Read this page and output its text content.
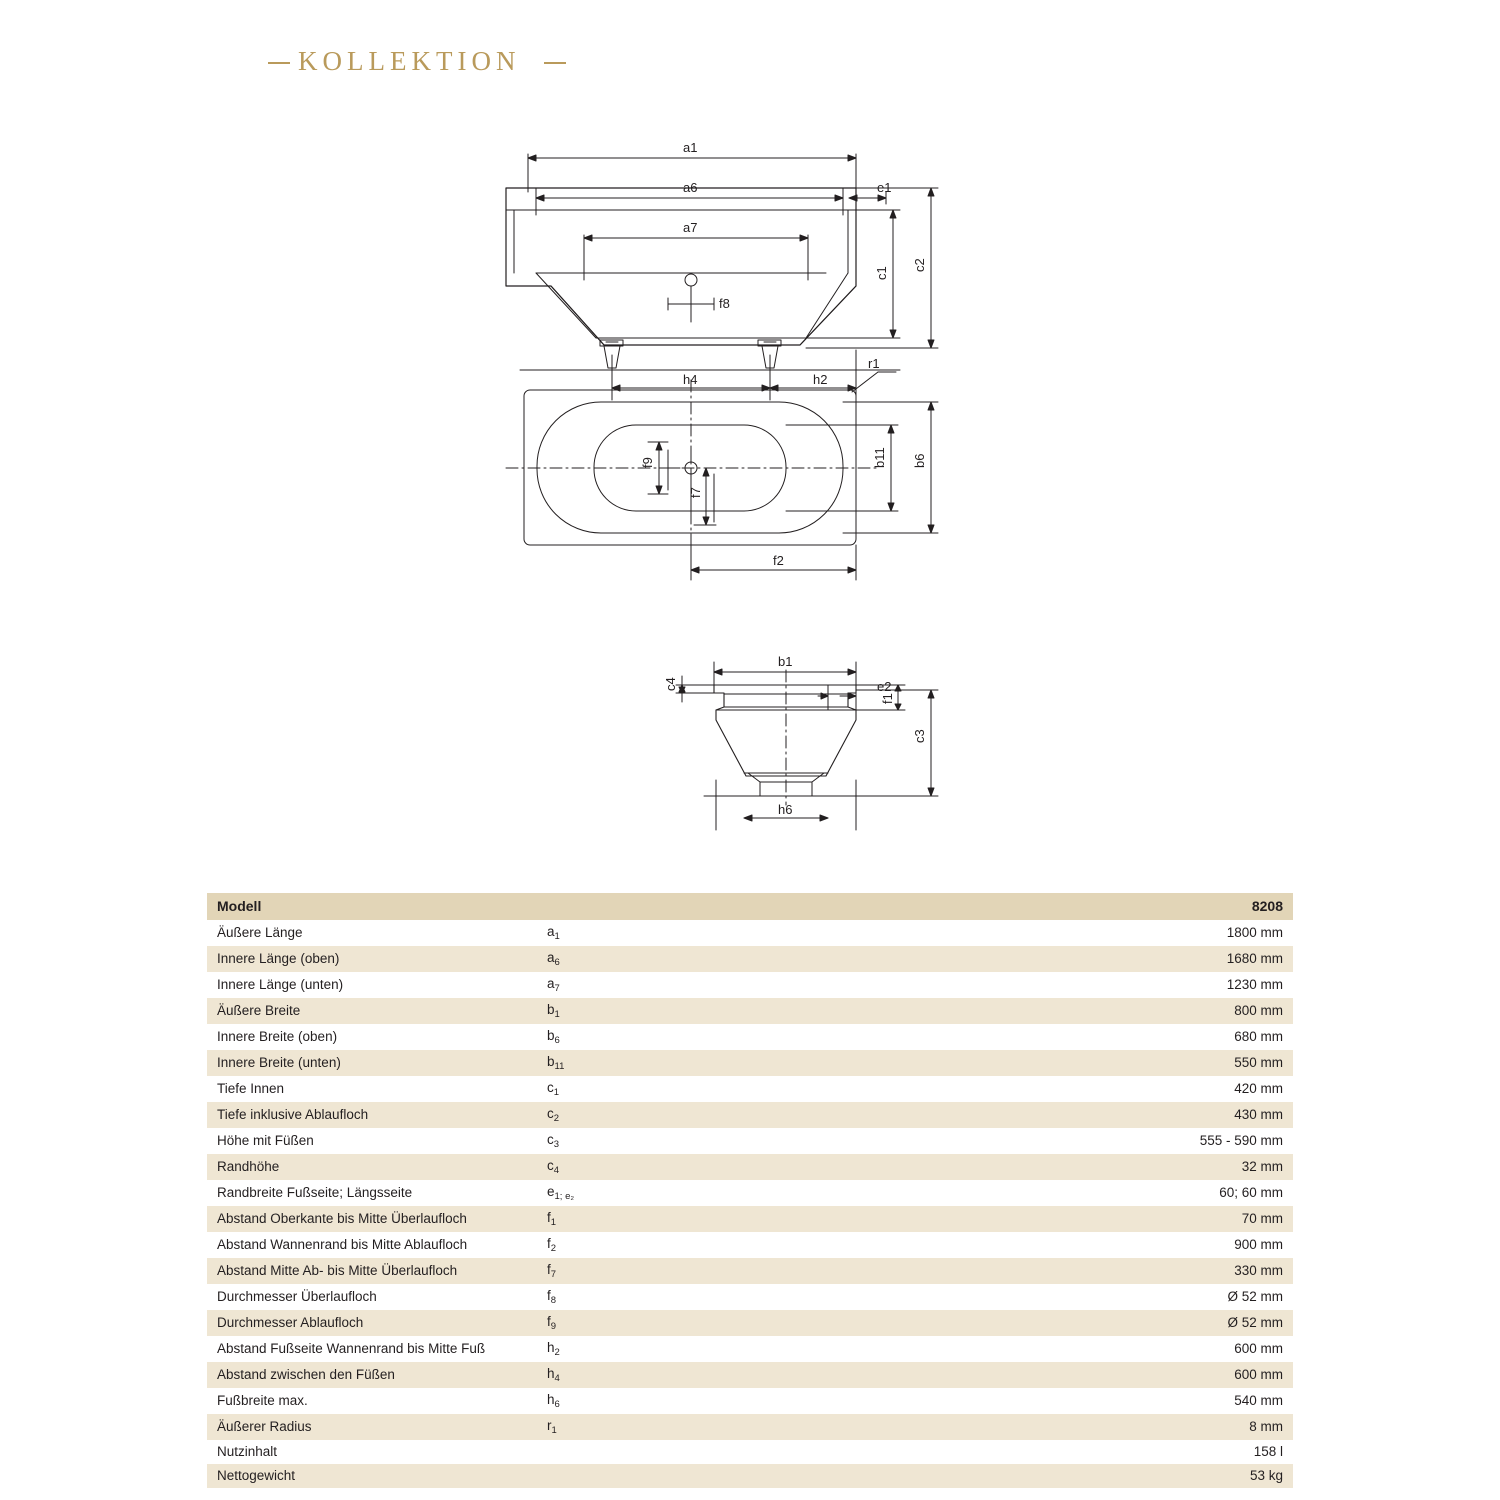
KOLLEKTION
f8
a1
a6	e1
a7
c1
c2
h4	h2
f9
f7
r1
b11 b6
f2
b1
c4	e2
f1
c3
h6
Modell		8208
Äußere Länge	$a_1$	1800 mm
Innere Länge (oben)	$a_6$	1680 mm
Innere Länge (unten)	$a_7$	1230 mm
Äußere Breite	$b_1$	800 mm
Innere Breite (oben)	$b_6$	680 mm
Innere Breite (unten)	$b_{11}$	550 mm
Tiefe Innen	$c_1$	420 mm
Tiefe inklusive Ablaufloch	$c_2$	430 mm
Höhe mit Füßen	$c_3$	555 - 590 mm
Randhöhe	$c_4$	32 mm
Randbreite Fußseite; Längsseite	$e_{1; e_2}$	60; 60 mm
Abstand Oberkante bis Mitte Überlaufloch	$f_1$	70 mm
Abstand Wannenrand bis Mitte Ablaufloch	$f_2$	900 mm
Abstand Mitte Ab- bis Mitte Überlaufloch	$f_7$	330 mm
Durchmesser Überlaufloch	$f_8$	Ø 52 mm
Durchmesser Ablaufloch	$f_9$	Ø 52 mm
Abstand Fußseite Wannenrand bis Mitte Fuß	$h_2$	600 mm
Abstand zwischen den Füßen	$h_4$	600 mm
Fußbreite max.	$h_6$	540 mm
Äußerer Radius	$r_1$	8 mm
Nutzinhalt		158 l
Nettogewicht		53 kg
